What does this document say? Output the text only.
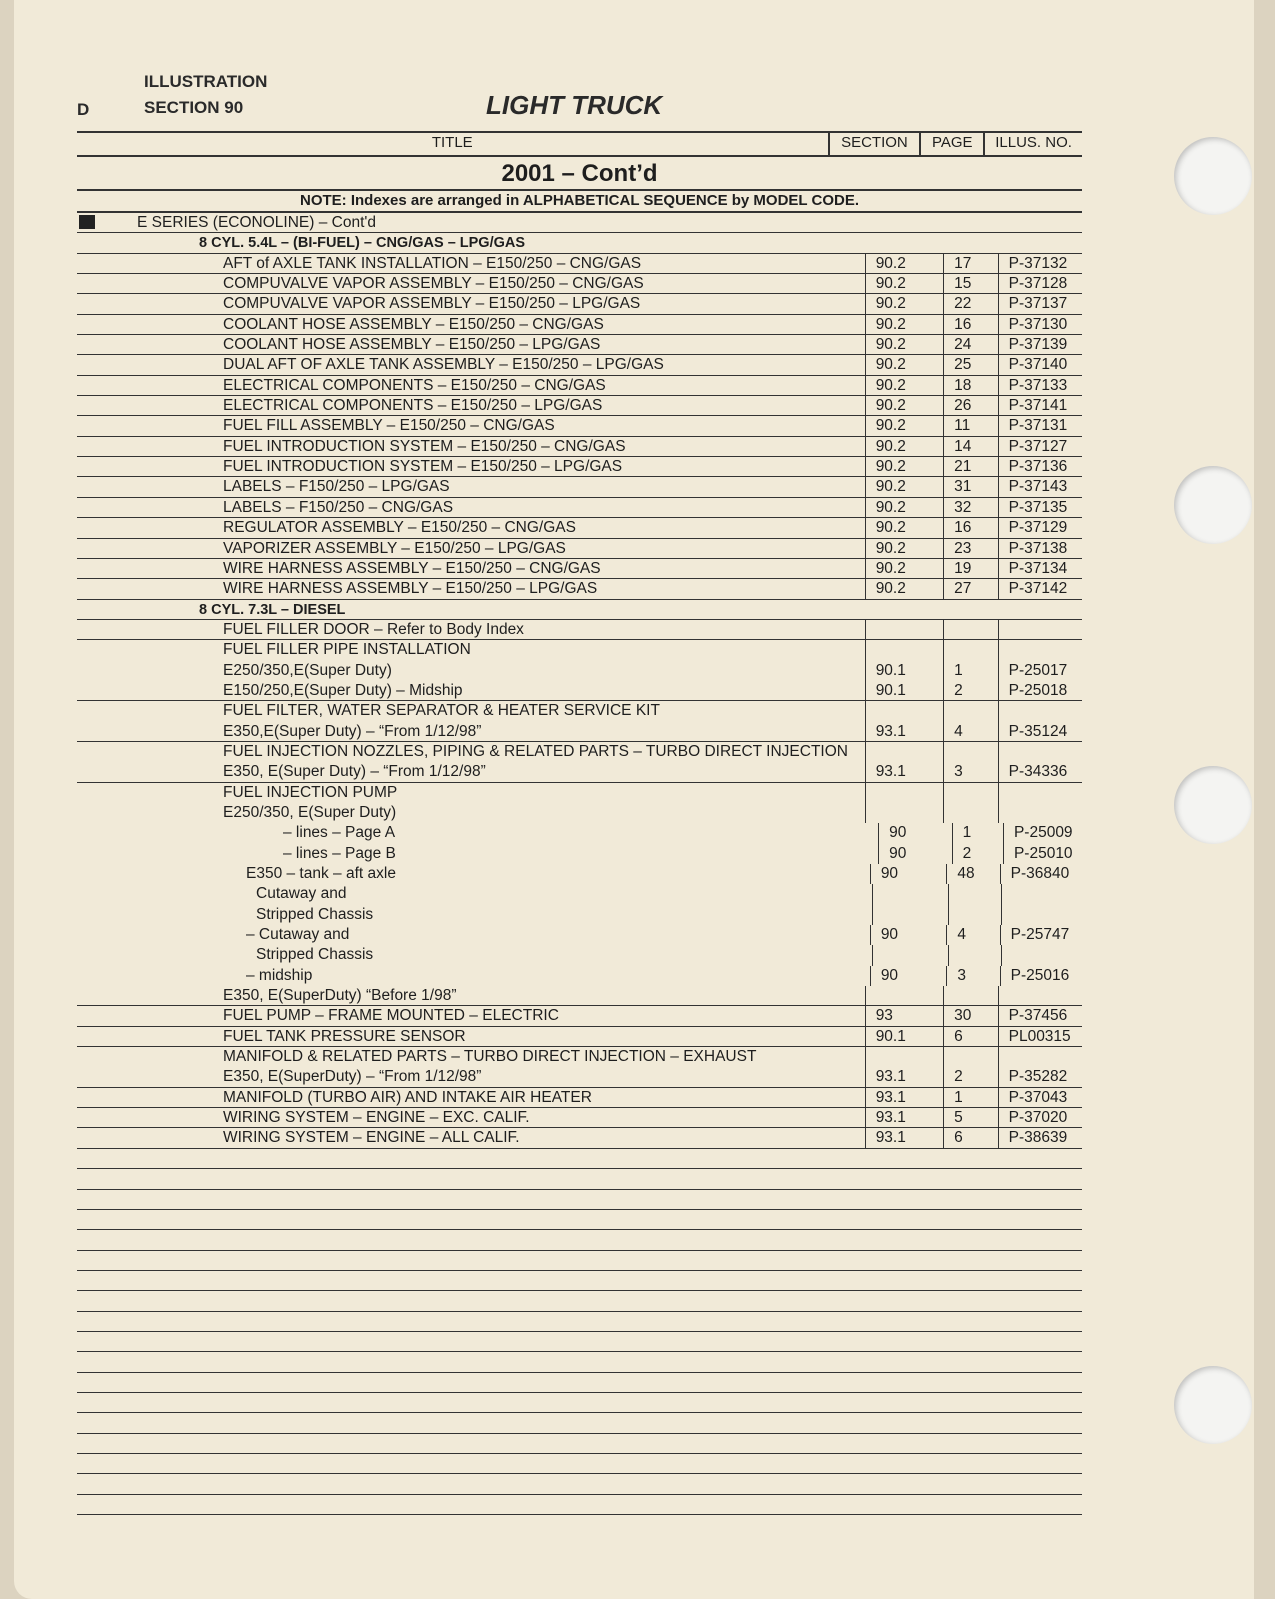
D
ILLUSTRATION
SECTION 90	LIGHT TRUCK
TITLE	SECTION	PAGE	ILLUS. NO.
2001 – Cont’d
NOTE: Indexes are arranged in ALPHABETICAL SEQUENCE by MODEL CODE.
E SERIES (ECONOLINE) – Cont'd
8 CYL. 5.4L – (BI-FUEL) – CNG/GAS – LPG/GAS
AFT of AXLE TANK INSTALLATION – E150/250 – CNG/GAS	90.2	17	P-37132
COMPUVALVE VAPOR ASSEMBLY – E150/250 – CNG/GAS	90.2	15	P-37128
COMPUVALVE VAPOR ASSEMBLY – E150/250 – LPG/GAS	90.2	22	P-37137
COOLANT HOSE ASSEMBLY – E150/250 – CNG/GAS	90.2	16	P-37130
COOLANT HOSE ASSEMBLY – E150/250 – LPG/GAS	90.2	24	P-37139
DUAL AFT OF AXLE TANK ASSEMBLY – E150/250 – LPG/GAS	90.2	25	P-37140
ELECTRICAL COMPONENTS – E150/250 – CNG/GAS	90.2	18	P-37133
ELECTRICAL COMPONENTS – E150/250 – LPG/GAS	90.2	26	P-37141
FUEL FILL ASSEMBLY – E150/250 – CNG/GAS	90.2	11	P-37131
FUEL INTRODUCTION SYSTEM – E150/250 – CNG/GAS	90.2	14	P-37127
FUEL INTRODUCTION SYSTEM – E150/250 – LPG/GAS	90.2	21	P-37136
LABELS – F150/250 – LPG/GAS	90.2	31	P-37143
LABELS – F150/250 – CNG/GAS	90.2	32	P-37135
REGULATOR ASSEMBLY – E150/250 – CNG/GAS	90.2	16	P-37129
VAPORIZER ASSEMBLY – E150/250 – LPG/GAS	90.2	23	P-37138
WIRE HARNESS ASSEMBLY – E150/250 – CNG/GAS	90.2	19	P-37134
WIRE HARNESS ASSEMBLY – E150/250 – LPG/GAS	90.2	27	P-37142
8 CYL. 7.3L – DIESEL
FUEL FILLER DOOR – Refer to Body Index
FUEL FILLER PIPE INSTALLATION
E250/350,E(Super Duty)	90.1	1	P-25017
E150/250,E(Super Duty) – Midship	90.1	2	P-25018
FUEL FILTER, WATER SEPARATOR & HEATER SERVICE KIT
E350,E(Super Duty) – “From 1/12/98”	93.1	4	P-35124
FUEL INJECTION NOZZLES, PIPING & RELATED PARTS – TURBO DIRECT INJECTION
E350, E(Super Duty) – “From 1/12/98”	93.1	3	P-34336
FUEL INJECTION PUMP
E250/350, E(Super Duty)
– lines – Page A	90	1	P-25009
– lines – Page B	90	2	P-25010
E350 – tank – aft axle	90	48	P-36840
Cutaway and
Stripped Chassis
– Cutaway and	90	4	P-25747
Stripped Chassis
– midship	90	3	P-25016
E350, E(SuperDuty) “Before 1/98”
FUEL PUMP – FRAME MOUNTED – ELECTRIC	93	30	P-37456
FUEL TANK PRESSURE SENSOR	90.1	6	PL00315
MANIFOLD & RELATED PARTS – TURBO DIRECT INJECTION – EXHAUST
E350, E(SuperDuty) – “From 1/12/98”	93.1	2	P-35282
MANIFOLD (TURBO AIR) AND INTAKE AIR HEATER	93.1	1	P-37043
WIRING SYSTEM – ENGINE – EXC. CALIF.	93.1	5	P-37020
WIRING SYSTEM – ENGINE – ALL CALIF.	93.1	6	P-38639
